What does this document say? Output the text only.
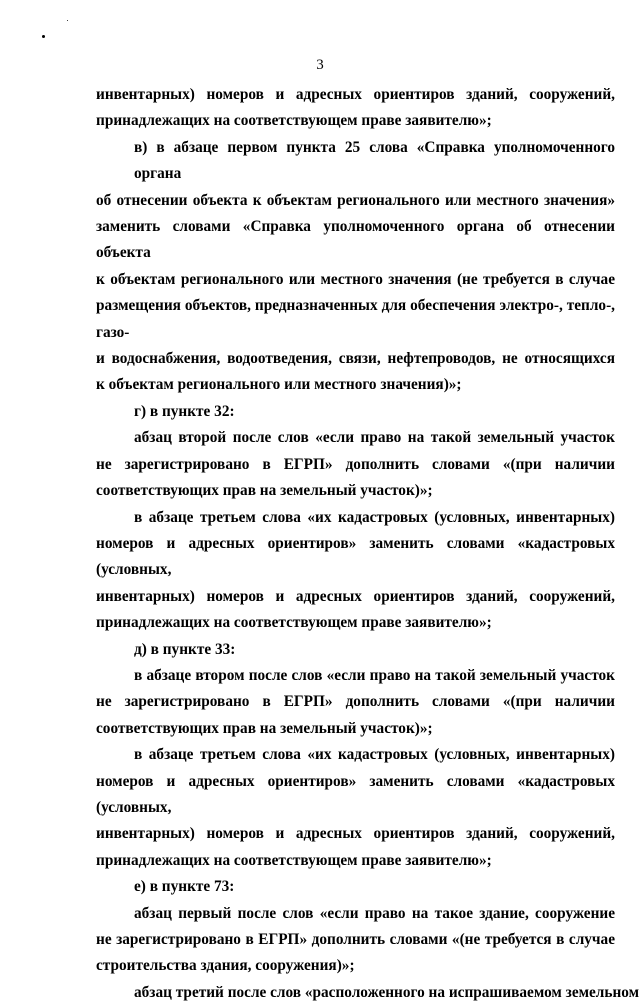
3

инвентарных) номеров и адресных ориентиров зданий, сооружений,
принадлежащих на соответствующем праве заявителю»;

в) в абзаце первом пункта 25 слова «Справка уполномоченного органа
об отнесении объекта к объектам регионального или местного значения»
заменить словами «Справка уполномоченного органа об отнесении объекта
к объектам регионального или местного значения (не требуется в случае
размещения объектов, предназначенных для обеспечения электро-, тепло-, газо-
и водоснабжения, водоотведения, связи, нефтепроводов, не относящихся
к объектам регионального или местного значения)»;

г) в пункте 32:

абзац второй после слов «если право на такой земельный участок
не зарегистрировано в ЕГРП» дополнить словами «(при наличии
соответствующих прав на земельный участок)»;

в абзаце третьем слова «их кадастровых (условных, инвентарных)
номеров и адресных ориентиров» заменить словами «кадастровых (условных,
инвентарных) номеров и адресных ориентиров зданий, сооружений,
принадлежащих на соответствующем праве заявителю»;

д) в пункте 33:

в абзаце втором после слов «если право на такой земельный участок
не зарегистрировано в ЕГРП» дополнить словами «(при наличии
соответствующих прав на земельный участок)»;

в абзаце третьем слова «их кадастровых (условных, инвентарных)
номеров и адресных ориентиров» заменить словами «кадастровых (условных,
инвентарных) номеров и адресных ориентиров зданий, сооружений,
принадлежащих на соответствующем праве заявителю»;

е) в пункте 73:

абзац первый после слов «если право на такое здание, сооружение
не зарегистрировано в ЕГРП» дополнить словами «(не требуется в случае
строительства здания, сооружения)»;

абзац третий после слов «расположенного на испрашиваемом земельном
